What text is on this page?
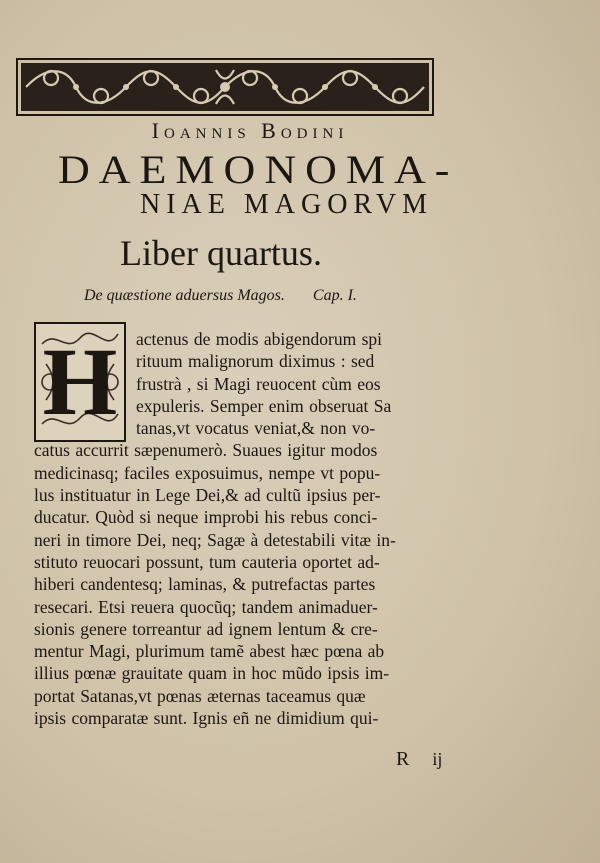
Ioannis Bodini
DAEMONOMA-
NIAE MAGORVM
Liber quartus.
De quæstione aduersus Magos. Cap. I.
H	actenus de modis abigendorum spi
rituum malignorum diximus : sed
frustrà , si Magi reuocent cùm eos
expuleris. Semper enim obseruat Sa
tanas,vt vocatus veniat,& non vo-
catus accurrit sæpenumerò. Suaues igitur modos
medicinasq; faciles exposuimus, nempe vt popu-
lus instituatur in Lege Dei,& ad cultũ ipsius per-
ducatur. Quòd si neque improbi his rebus conci-
neri in timore Dei, neq; Sagæ à detestabili vitæ in-
stituto reuocari possunt, tum cauteria oportet ad-
hiberi candentesq; laminas, & putrefactas partes
resecari. Etsi reuera quocũq; tandem animaduer-
sionis genere torreantur ad ignem lentum & cre-
mentur Magi, plurimum tamẽ abest hæc pœna ab
illius pœnæ grauitate quam in hoc mũdo ipsis im-
portat Satanas,vt pœnas æternas taceamus quæ
ipsis comparatæ sunt. Ignis eñ ne dimidium qui-
R ij
